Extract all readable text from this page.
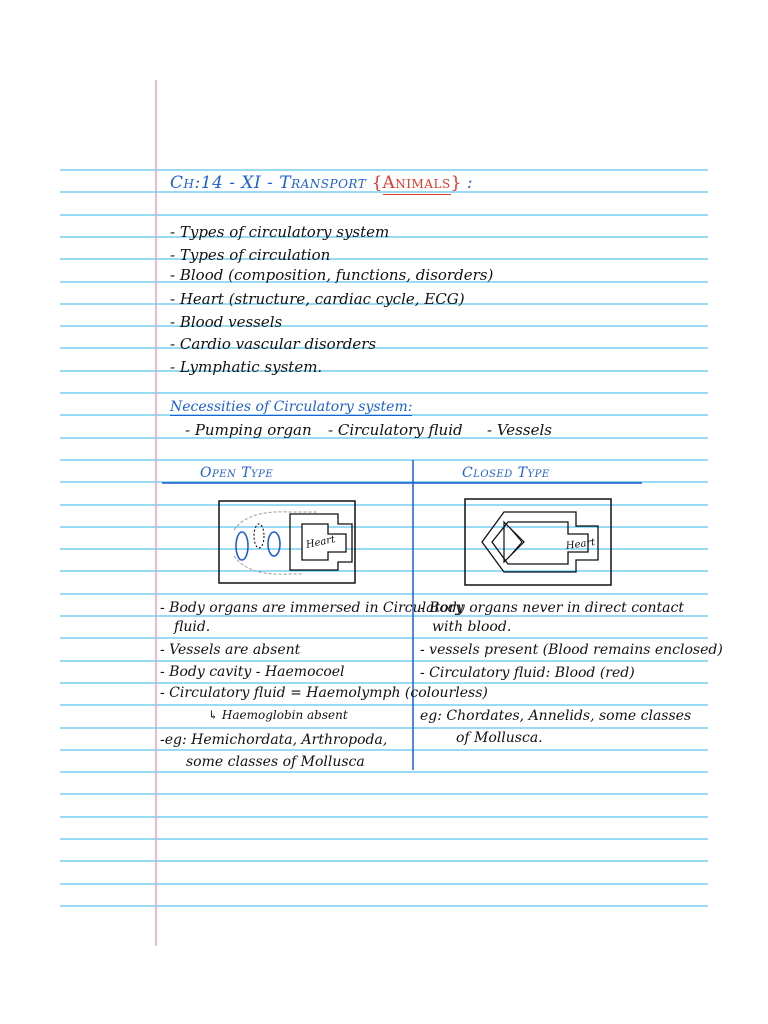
Ch:14 - XI - Transport {Animals} :
- Types of circulatory system
- Types of circulation
- Blood (composition, functions, disorders)
- Heart (structure, cardiac cycle, ECG)
- Blood vessels
- Cardio vascular disorders
- Lymphatic system.
Necessities of Circulatory system:
- Pumping organ - Circulatory fluid - Vessels
Open Type	Closed Type
Heart	Heart
- Body organs are immersed in Circulatory
fluid.
- Vessels are absent
- Body cavity - Haemocoel
- Circulatory fluid = Haemolymph (colourless)
↳ Haemoglobin absent
-eg: Hemichordata, Arthropoda,
some classes of Mollusca
- Body organs never in direct contact
with blood.
- vessels present (Blood remains enclosed)
- Circulatory fluid: Blood (red)
eg: Chordates, Annelids, some classes
of Mollusca.
